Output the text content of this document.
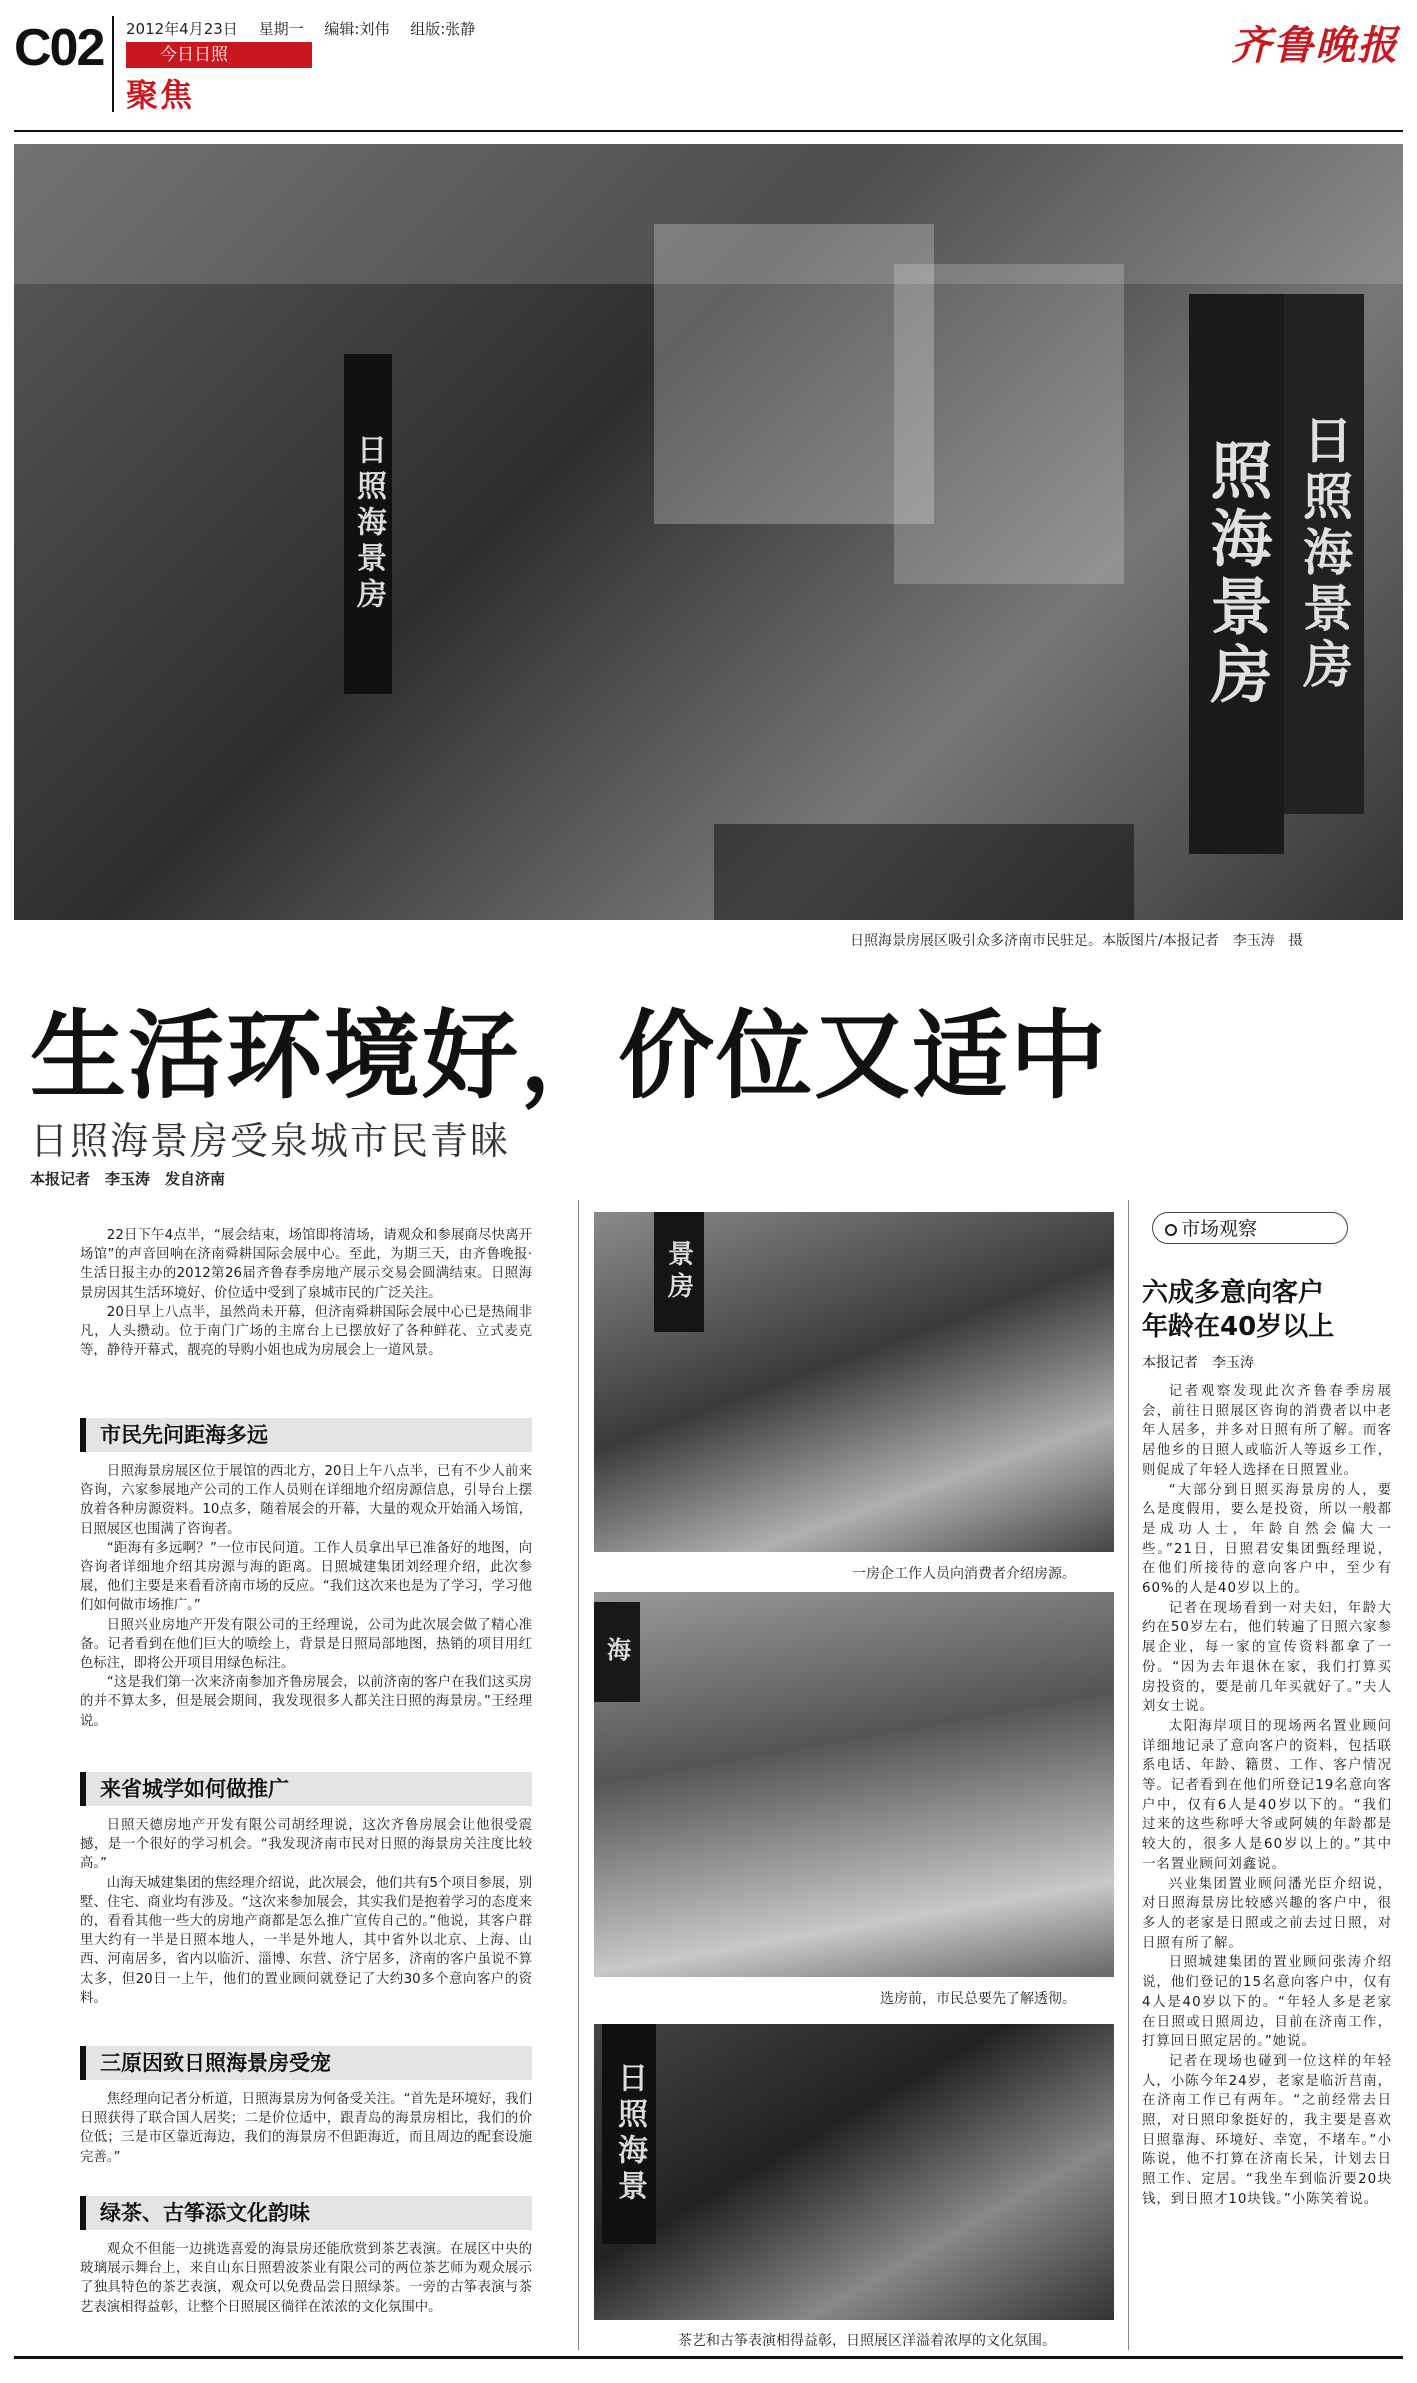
C02 2012年4月23日 星期一 编辑:刘伟 组版:张静
今日日照
聚焦
齐鲁晚报
日照海景房	照海景房 日照海景房
日照海景房展区吸引众多济南市民驻足。本版图片/本报记者　李玉涛　摄
生活环境好，价位又适中
日照海景房受泉城市民青睐
本报记者　李玉涛　发自济南

22日下午4点半，“展会结束，场馆即将清场，请观众和参展商尽快离开场馆”的声音回响在济南舜耕国际会展中心。至此，为期三天，由齐鲁晚报·生活日报主办的2012第26届齐鲁春季房地产展示交易会圆满结束。日照海景房因其生活环境好、价位适中受到了泉城市民的广泛关注。

20日早上八点半，虽然尚未开幕，但济南舜耕国际会展中心已是热闹非凡，人头攒动。位于南门广场的主席台上已摆放好了各种鲜花、立式麦克等，静待开幕式，靓亮的导购小姐也成为房展会上一道风景。

市民先问距海多远

日照海景房展区位于展馆的西北方，20日上午八点半，已有不少人前来咨询，六家参展地产公司的工作人员则在详细地介绍房源信息，引导台上摆放着各种房源资料。10点多，随着展会的开幕，大量的观众开始涌入场馆，日照展区也围满了咨询者。

“距海有多远啊？”一位市民问道。工作人员拿出早已准备好的地图，向咨询者详细地介绍其房源与海的距离。日照城建集团刘经理介绍，此次参展，他们主要是来看看济南市场的反应。“我们这次来也是为了学习，学习他们如何做市场推广。”

日照兴业房地产开发有限公司的王经理说，公司为此次展会做了精心准备。记者看到在他们巨大的喷绘上，背景是日照局部地图，热销的项目用红色标注，即将公开项目用绿色标注。

“这是我们第一次来济南参加齐鲁房展会，以前济南的客户在我们这买房的并不算太多，但是展会期间，我发现很多人都关注日照的海景房。”王经理说。

来省城学如何做推广

日照天德房地产开发有限公司胡经理说，这次齐鲁房展会让他很受震撼，是一个很好的学习机会。“我发现济南市民对日照的海景房关注度比较高。”

山海天城建集团的焦经理介绍说，此次展会，他们共有5个项目参展，别墅、住宅、商业均有涉及。“这次来参加展会，其实我们是抱着学习的态度来的，看看其他一些大的房地产商都是怎么推广宣传自己的。”他说，其客户群里大约有一半是日照本地人，一半是外地人，其中省外以北京、上海、山西、河南居多，省内以临沂、淄博、东营、济宁居多，济南的客户虽说不算太多，但20日一上午，他们的置业顾问就登记了大约30多个意向客户的资料。

三原因致日照海景房受宠

焦经理向记者分析道，日照海景房为何备受关注。“首先是环境好，我们日照获得了联合国人居奖；二是价位适中，跟青岛的海景房相比，我们的价位低；三是市区靠近海边，我们的海景房不但距海近，而且周边的配套设施完善。”

绿茶、古筝添文化韵味

观众不但能一边挑选喜爱的海景房还能欣赏到茶艺表演。在展区中央的玻璃展示舞台上，来自山东日照碧波茶业有限公司的两位茶艺师为观众展示了独具特色的茶艺表演，观众可以免费品尝日照绿茶。一旁的古筝表演与茶艺表演相得益彰，让整个日照展区徜徉在浓浓的文化氛围中。

景房
一房企工作人员向消费者介绍房源。
海
选房前，市民总要先了解透彻。
日照海景
茶艺和古筝表演相得益彰，日照展区洋溢着浓厚的文化氛围。
市场观察
六成多意向客户年龄在40岁以上
本报记者　李玉涛

记者观察发现此次齐鲁春季房展会，前往日照展区咨询的消费者以中老年人居多，并多对日照有所了解。而客居他乡的日照人或临沂人等返乡工作，则促成了年轻人选择在日照置业。

“大部分到日照买海景房的人，要么是度假用，要么是投资，所以一般都是成功人士，年龄自然会偏大一些。”21日，日照君安集团甄经理说，在他们所接待的意向客户中，至少有60%的人是40岁以上的。

记者在现场看到一对夫妇，年龄大约在50岁左右，他们转遍了日照六家参展企业，每一家的宣传资料都拿了一份。“因为去年退休在家，我们打算买房投资的，要是前几年买就好了。”夫人刘女士说。

太阳海岸项目的现场两名置业顾问详细地记录了意向客户的资料，包括联系电话、年龄、籍贯、工作、客户情况等。记者看到在他们所登记19名意向客户中，仅有6人是40岁以下的。“我们过来的这些称呼大爷或阿姨的年龄都是较大的，很多人是60岁以上的。”其中一名置业顾问刘鑫说。

兴业集团置业顾问潘光臣介绍说，对日照海景房比较感兴趣的客户中，很多人的老家是日照或之前去过日照，对日照有所了解。

日照城建集团的置业顾问张涛介绍说，他们登记的15名意向客户中，仅有4人是40岁以下的。“年轻人多是老家在日照或日照周边，目前在济南工作，打算回日照定居的。”她说。

记者在现场也碰到一位这样的年轻人，小陈今年24岁，老家是临沂莒南，在济南工作已有两年。“之前经常去日照，对日照印象挺好的，我主要是喜欢日照靠海、环境好、幸宽，不堵车。”小陈说，他不打算在济南长呆，计划去日照工作、定居。“我坐车到临沂要20块钱，到日照才10块钱。”小陈笑着说。
